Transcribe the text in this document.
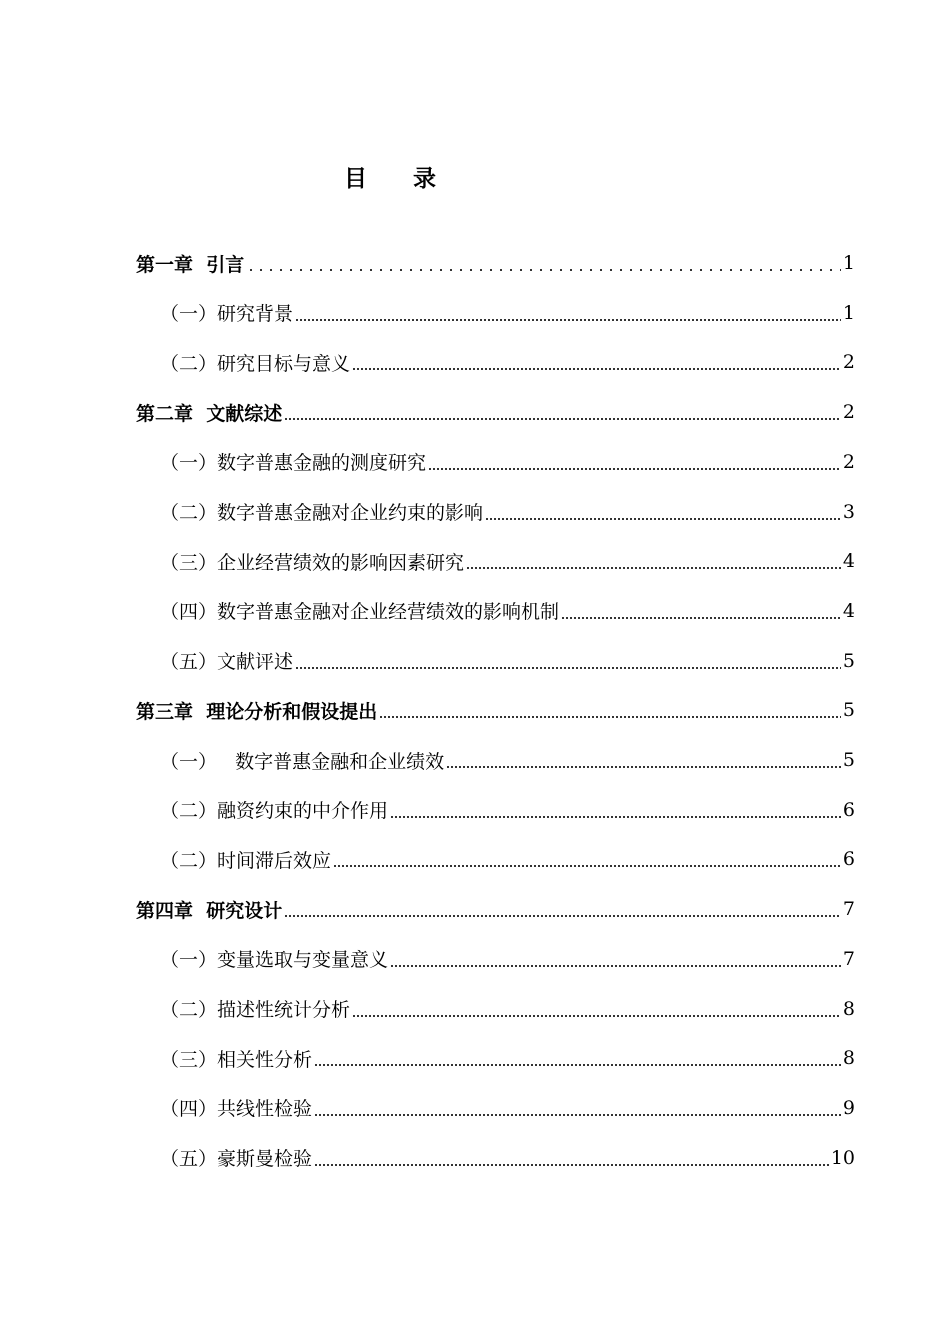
目 录
第一章  引言	1
（一）研究背景	1
（二）研究目标与意义	2
第二章  文献综述	2
（一）数字普惠金融的测度研究	2
（二）数字普惠金融对企业约束的影响	3
（三）企业经营绩效的影响因素研究	4
（四）数字普惠金融对企业经营绩效的影响机制	4
（五）文献评述	5
第三章  理论分析和假设提出	5
（一）   数字普惠金融和企业绩效	5
（二）融资约束的中介作用	6
（二）时间滞后效应	6
第四章  研究设计	7
（一）变量选取与变量意义	7
（二）描述性统计分析	8
（三）相关性分析	8
（四）共线性检验	9
（五）豪斯曼检验	10
